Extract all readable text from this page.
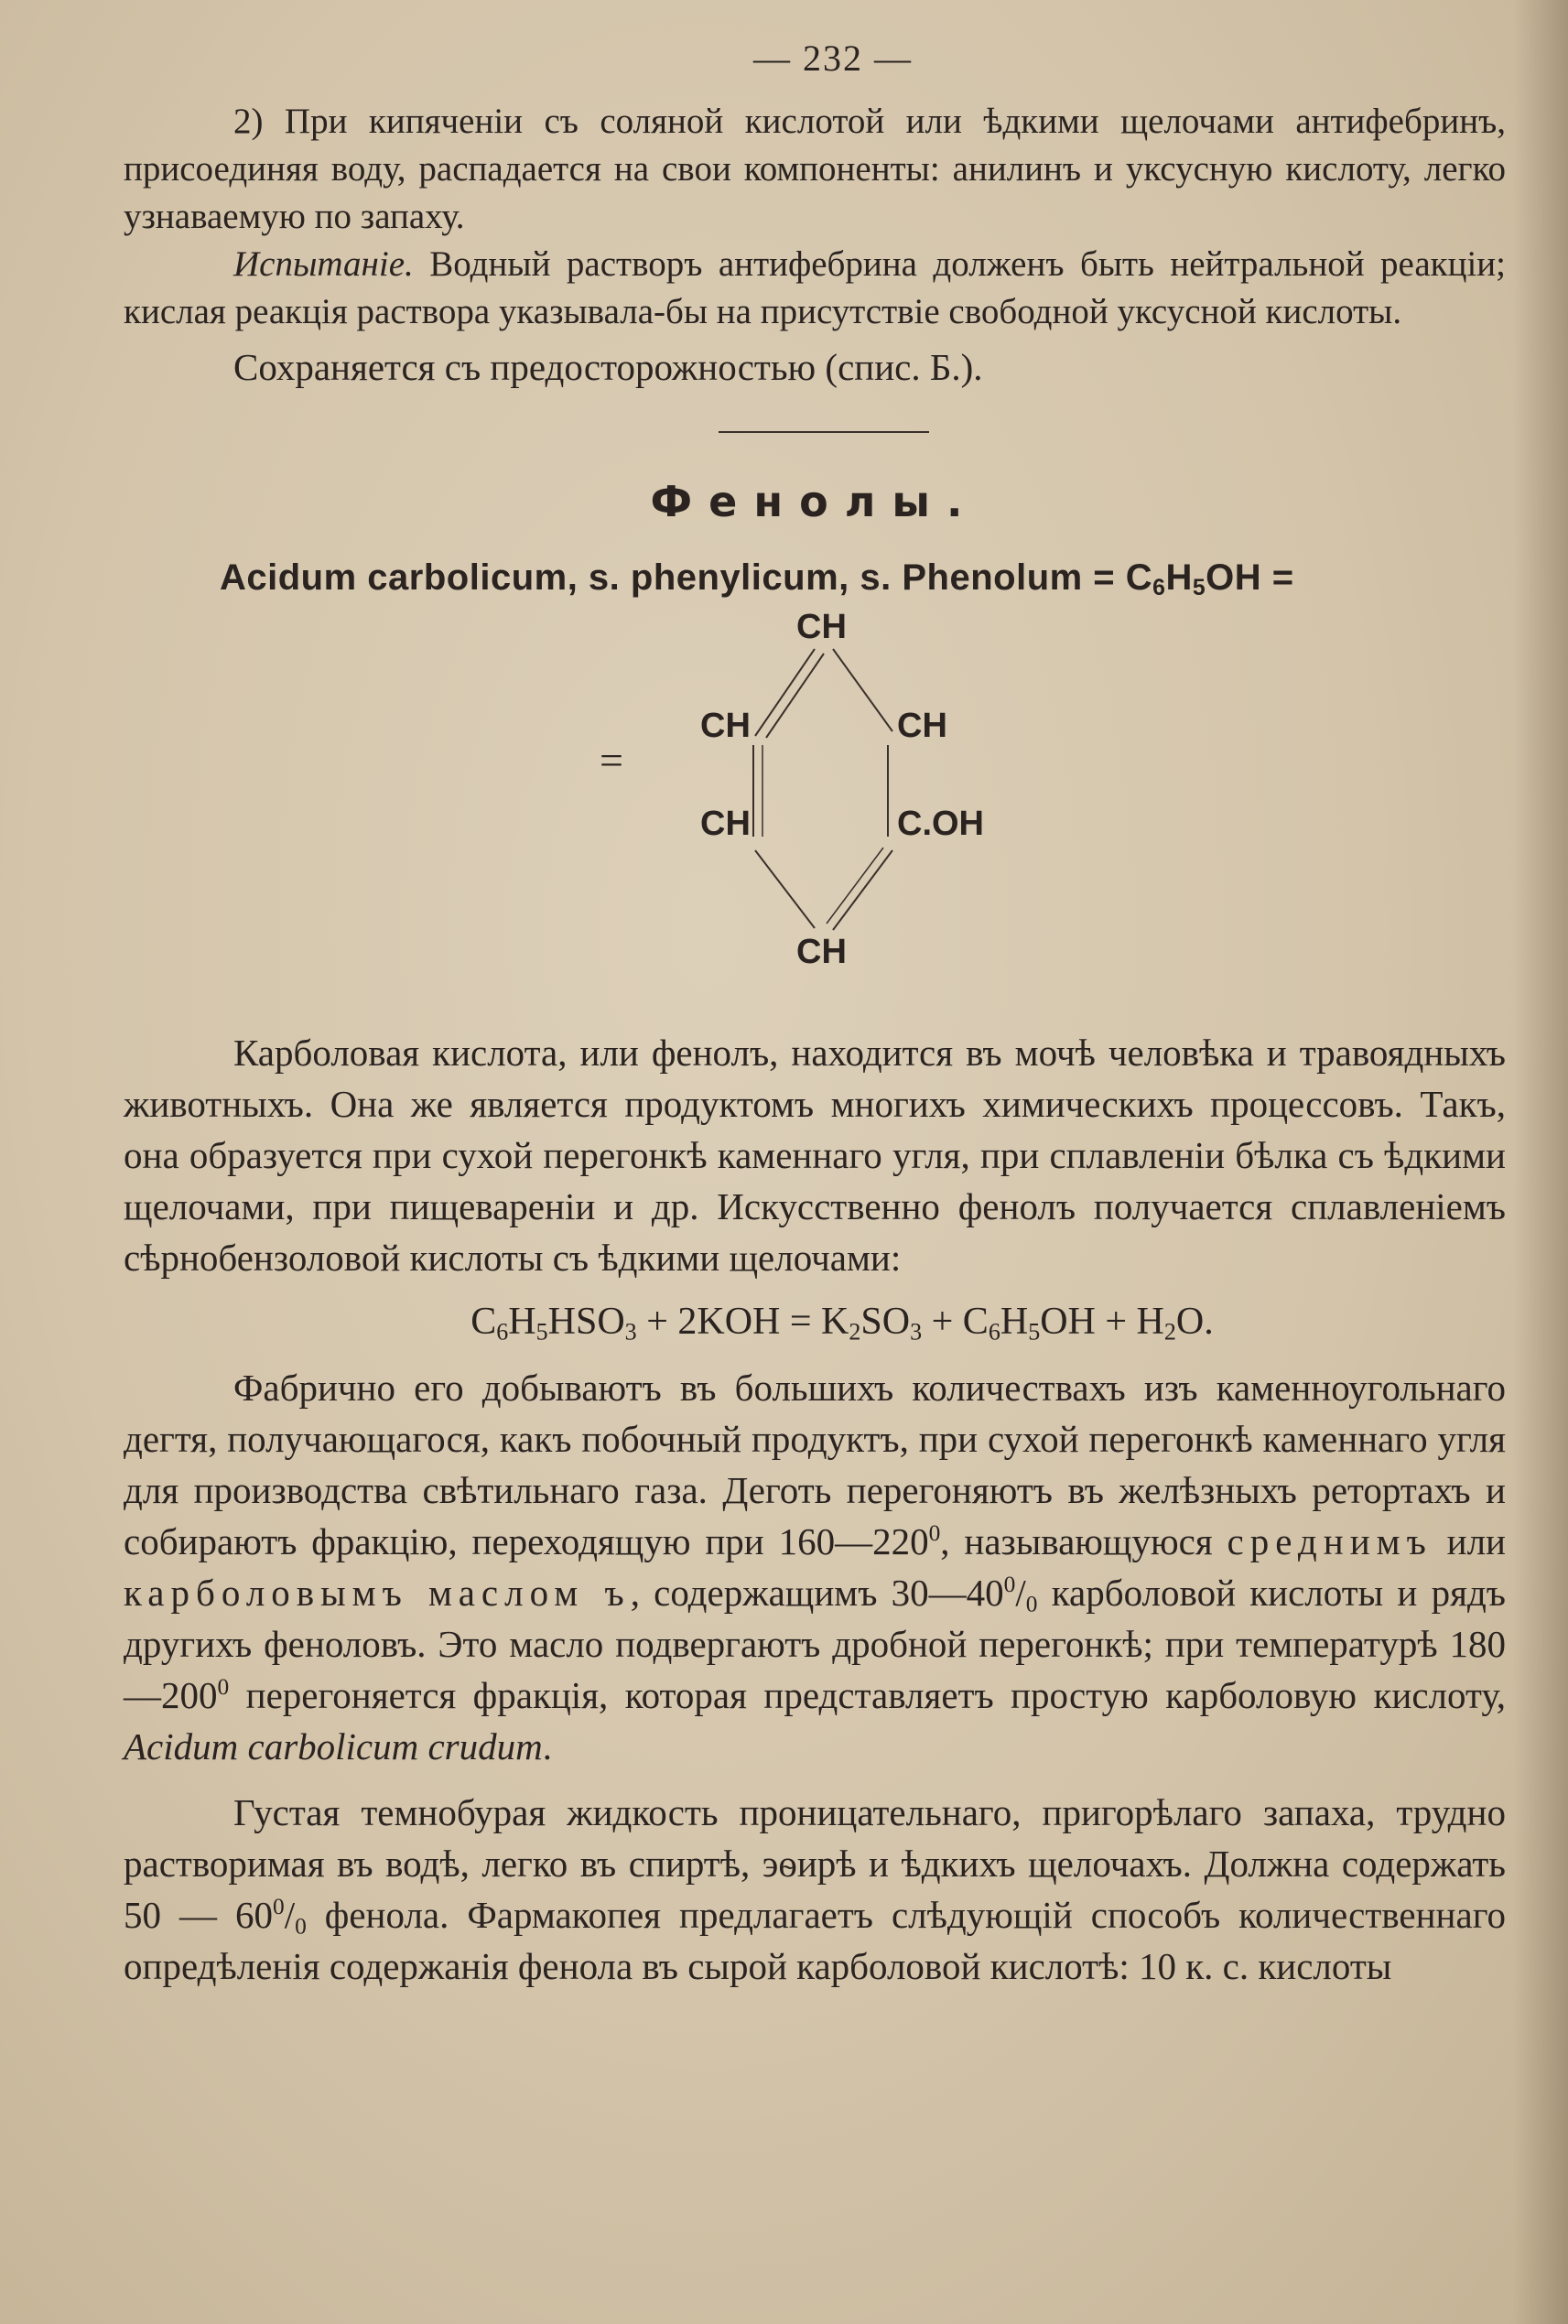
— 232 —

2) При кипяченіи съ соляной кислотой или ѣдкими щелочами антифебринъ, присоединяя воду, распадается на свои компоненты: анилинъ и уксусную кислоту, легко узнаваемую по запаху.

Испытаніе. Водный растворъ антифебрина долженъ быть нейтральной реакціи; кислая реакція раствора указывала-бы на присутствіе свободной уксусной кислоты.

Сохраняется съ предосторожностью (спис. Б.).

Фенолы.
Acidum carbolicum, s. phenylicum, s. Phenolum = $C_6H_5OH$ =
=
CH
CH	CH
CH	C.OH
CH

Карболовая кислота, или фенолъ, находится въ мочѣ человѣка и травоядныхъ животныхъ. Она же является продуктомъ многихъ химическихъ процессовъ. Такъ, она образуется при сухой перегонкѣ каменнаго угля, при сплавленіи бѣлка съ ѣдкими щелочами, при пищевареніи и др. Искусственно фенолъ получается сплавленіемъ сѣрнобензоловой кислоты съ ѣдкими щелочами:

$C_6H_5HSO_3 + 2KOH = K_2SO_3 + C_6H_5OH + H_2O$.

Фабрично его добываютъ въ большихъ количествахъ изъ каменноугольнаго дегтя, получающагося, какъ побочный продуктъ, при сухой перегонкѣ каменнаго угля для производства свѣтильнаго газа. Деготь перегоняютъ въ желѣзныхъ ретортахъ и собираютъ фракцію, переходящую при $160—220^0$, называющуюся среднимъ или карболовымъ маслом ъ, содержащимъ $30—40^0/_0$ карболовой кислоты и рядъ другихъ феноловъ. Это масло подвергаютъ дробной перегонкѣ; при температурѣ $180—200^0$ перегоняется фракція, которая представляетъ простую карболовую кислоту, Acidum carbolicum crudum.

Густая темнобурая жидкость проницательнаго, пригорѣлаго запаха, трудно растворимая въ водѣ, легко въ спиртѣ, эѳирѣ и ѣдкихъ щелочахъ. Должна содержать 50 — $60^0/_0$ фенола. Фармакопея предлагаетъ слѣдующій способъ количественнаго опредѣленія содержанія фенола въ сырой карболовой кислотѣ: 10 к. с. кислоты
